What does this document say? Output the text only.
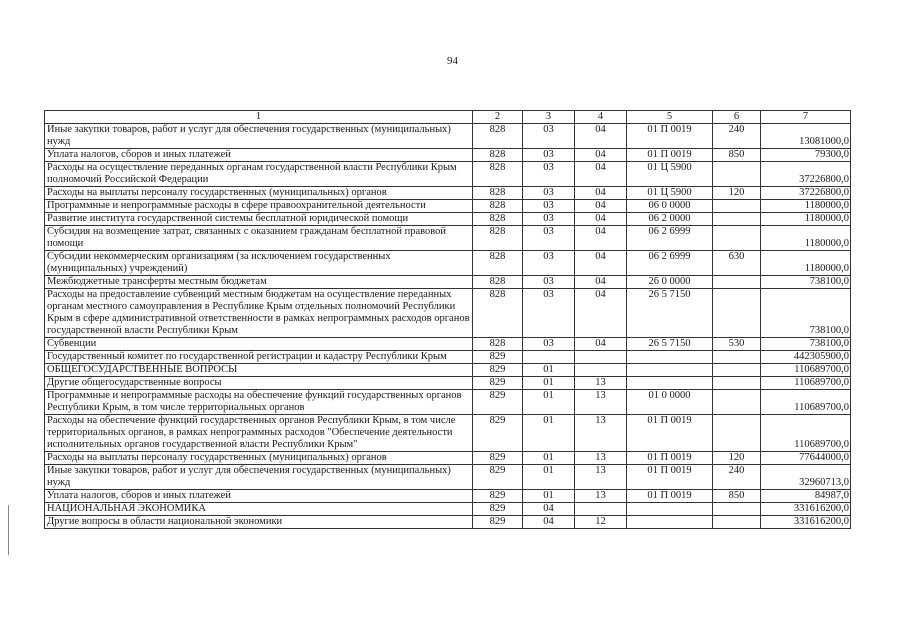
94
1	2	3	4	5	6	7
Иные закупки товаров, работ и услуг для обеспечения государственных (муниципальных) нужд	828	03	04	01 П 0019	240	13081000,0
Уплата налогов, сборов и иных платежей	828	03	04	01 П 0019	850	79300,0
Расходы на осуществление переданных органам государственной власти Республики Крым полномочий Российской Федерации	828	03	04	01 Ц 5900		37226800,0
Расходы на выплаты персоналу государственных (муниципальных) органов	828	03	04	01 Ц 5900	120	37226800,0
Программные и непрограммные расходы в сфере правоохранительной деятельности	828	03	04	06 0 0000		1180000,0
Развитие института государственной системы бесплатной юридической помощи	828	03	04	06 2 0000		1180000,0
Субсидия на возмещение затрат, связанных с оказанием гражданам бесплатной правовой помощи	828	03	04	06 2 6999		1180000,0
Субсидии некоммерческим организациям (за исключением государственных (муниципальных) учреждений)	828	03	04	06 2 6999	630	1180000,0
Межбюджетные трансферты местным бюджетам	828	03	04	26 0 0000		738100,0
Расходы на предоставление субвенций местным бюджетам на осуществление переданных органам местного самоуправления в Республике Крым отдельных полномочий Республики Крым в сфере административной ответственности в рамках непрограммных расходов органов государственной власти Республики Крым	828	03	04	26 5 7150		738100,0
Субвенции	828	03	04	26 5 7150	530	738100,0
Государственный комитет по государственной регистрации и кадастру Республики Крым	829					442305900,0
ОБЩЕГОСУДАРСТВЕННЫЕ ВОПРОСЫ	829	01				110689700,0
Другие общегосударственные вопросы	829	01	13			110689700,0
Программные и непрограммные расходы на обеспечение функций государственных органов Республики Крым, в том числе территориальных органов	829	01	13	01 0 0000		110689700,0
Расходы на обеспечение функций государственных органов Республики Крым, в том числе территориальных органов, в рамках непрограммных расходов "Обеспечение деятельности исполнительных органов государственной власти Республики Крым"	829	01	13	01 П 0019		110689700,0
Расходы на выплаты персоналу государственных (муниципальных) органов	829	01	13	01 П 0019	120	77644000,0
Иные закупки товаров, работ и услуг для обеспечения государственных (муниципальных) нужд	829	01	13	01 П 0019	240	32960713,0
Уплата налогов, сборов и иных платежей	829	01	13	01 П 0019	850	84987,0
НАЦИОНАЛЬНАЯ ЭКОНОМИКА	829	04				331616200,0
Другие вопросы в области национальной экономики	829	04	12			331616200,0
